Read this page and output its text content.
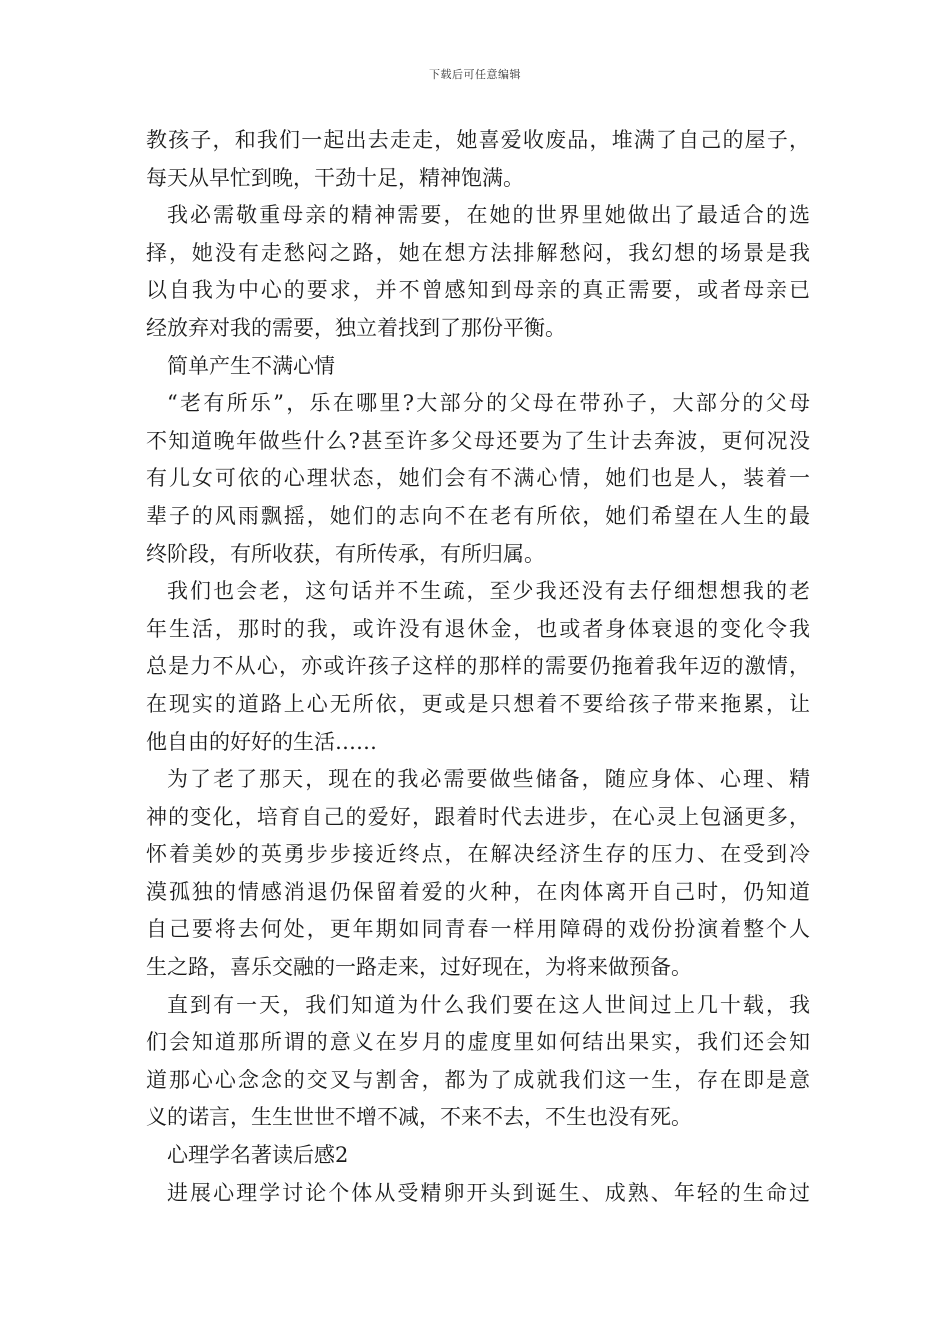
下载后可任意编辑
教孩子，和我们一起出去走走，她喜爱收废品，堆满了自己的屋子，
每天从早忙到晚，干劲十足，精神饱满。
我必需敬重母亲的精神需要，在她的世界里她做出了最适合的选
择，她没有走愁闷之路，她在想方法排解愁闷，我幻想的场景是我
以自我为中心的要求，并不曾感知到母亲的真正需要，或者母亲已
经放弃对我的需要，独立着找到了那份平衡。
简单产生不满心情
“老有所乐”，乐在哪里?大部分的父母在带孙子，大部分的父母
不知道晚年做些什么?甚至许多父母还要为了生计去奔波，更何况没
有儿女可依的心理状态，她们会有不满心情，她们也是人，装着一
辈子的风雨飘摇，她们的志向不在老有所依，她们希望在人生的最
终阶段，有所收获，有所传承，有所归属。
我们也会老，这句话并不生疏，至少我还没有去仔细想想我的老
年生活，那时的我，或许没有退休金，也或者身体衰退的变化令我
总是力不从心，亦或许孩子这样的那样的需要仍拖着我年迈的激情，
在现实的道路上心无所依，更或是只想着不要给孩子带来拖累，让
他自由的好好的生活……
为了老了那天，现在的我必需要做些储备，随应身体、心理、精
神的变化，培育自己的爱好，跟着时代去进步，在心灵上包涵更多，
怀着美妙的英勇步步接近终点，在解决经济生存的压力、在受到冷
漠孤独的情感消退仍保留着爱的火种，在肉体离开自己时，仍知道
自己要将去何处，更年期如同青春一样用障碍的戏份扮演着整个人
生之路，喜乐交融的一路走来，过好现在，为将来做预备。
直到有一天，我们知道为什么我们要在这人世间过上几十载，我
们会知道那所谓的意义在岁月的虚度里如何结出果实，我们还会知
道那心心念念的交叉与割舍，都为了成就我们这一生，存在即是意
义的诺言，生生世世不增不减，不来不去，不生也没有死。
心理学名著读后感2
进展心理学讨论个体从受精卵开头到诞生、成熟、年轻的生命过
